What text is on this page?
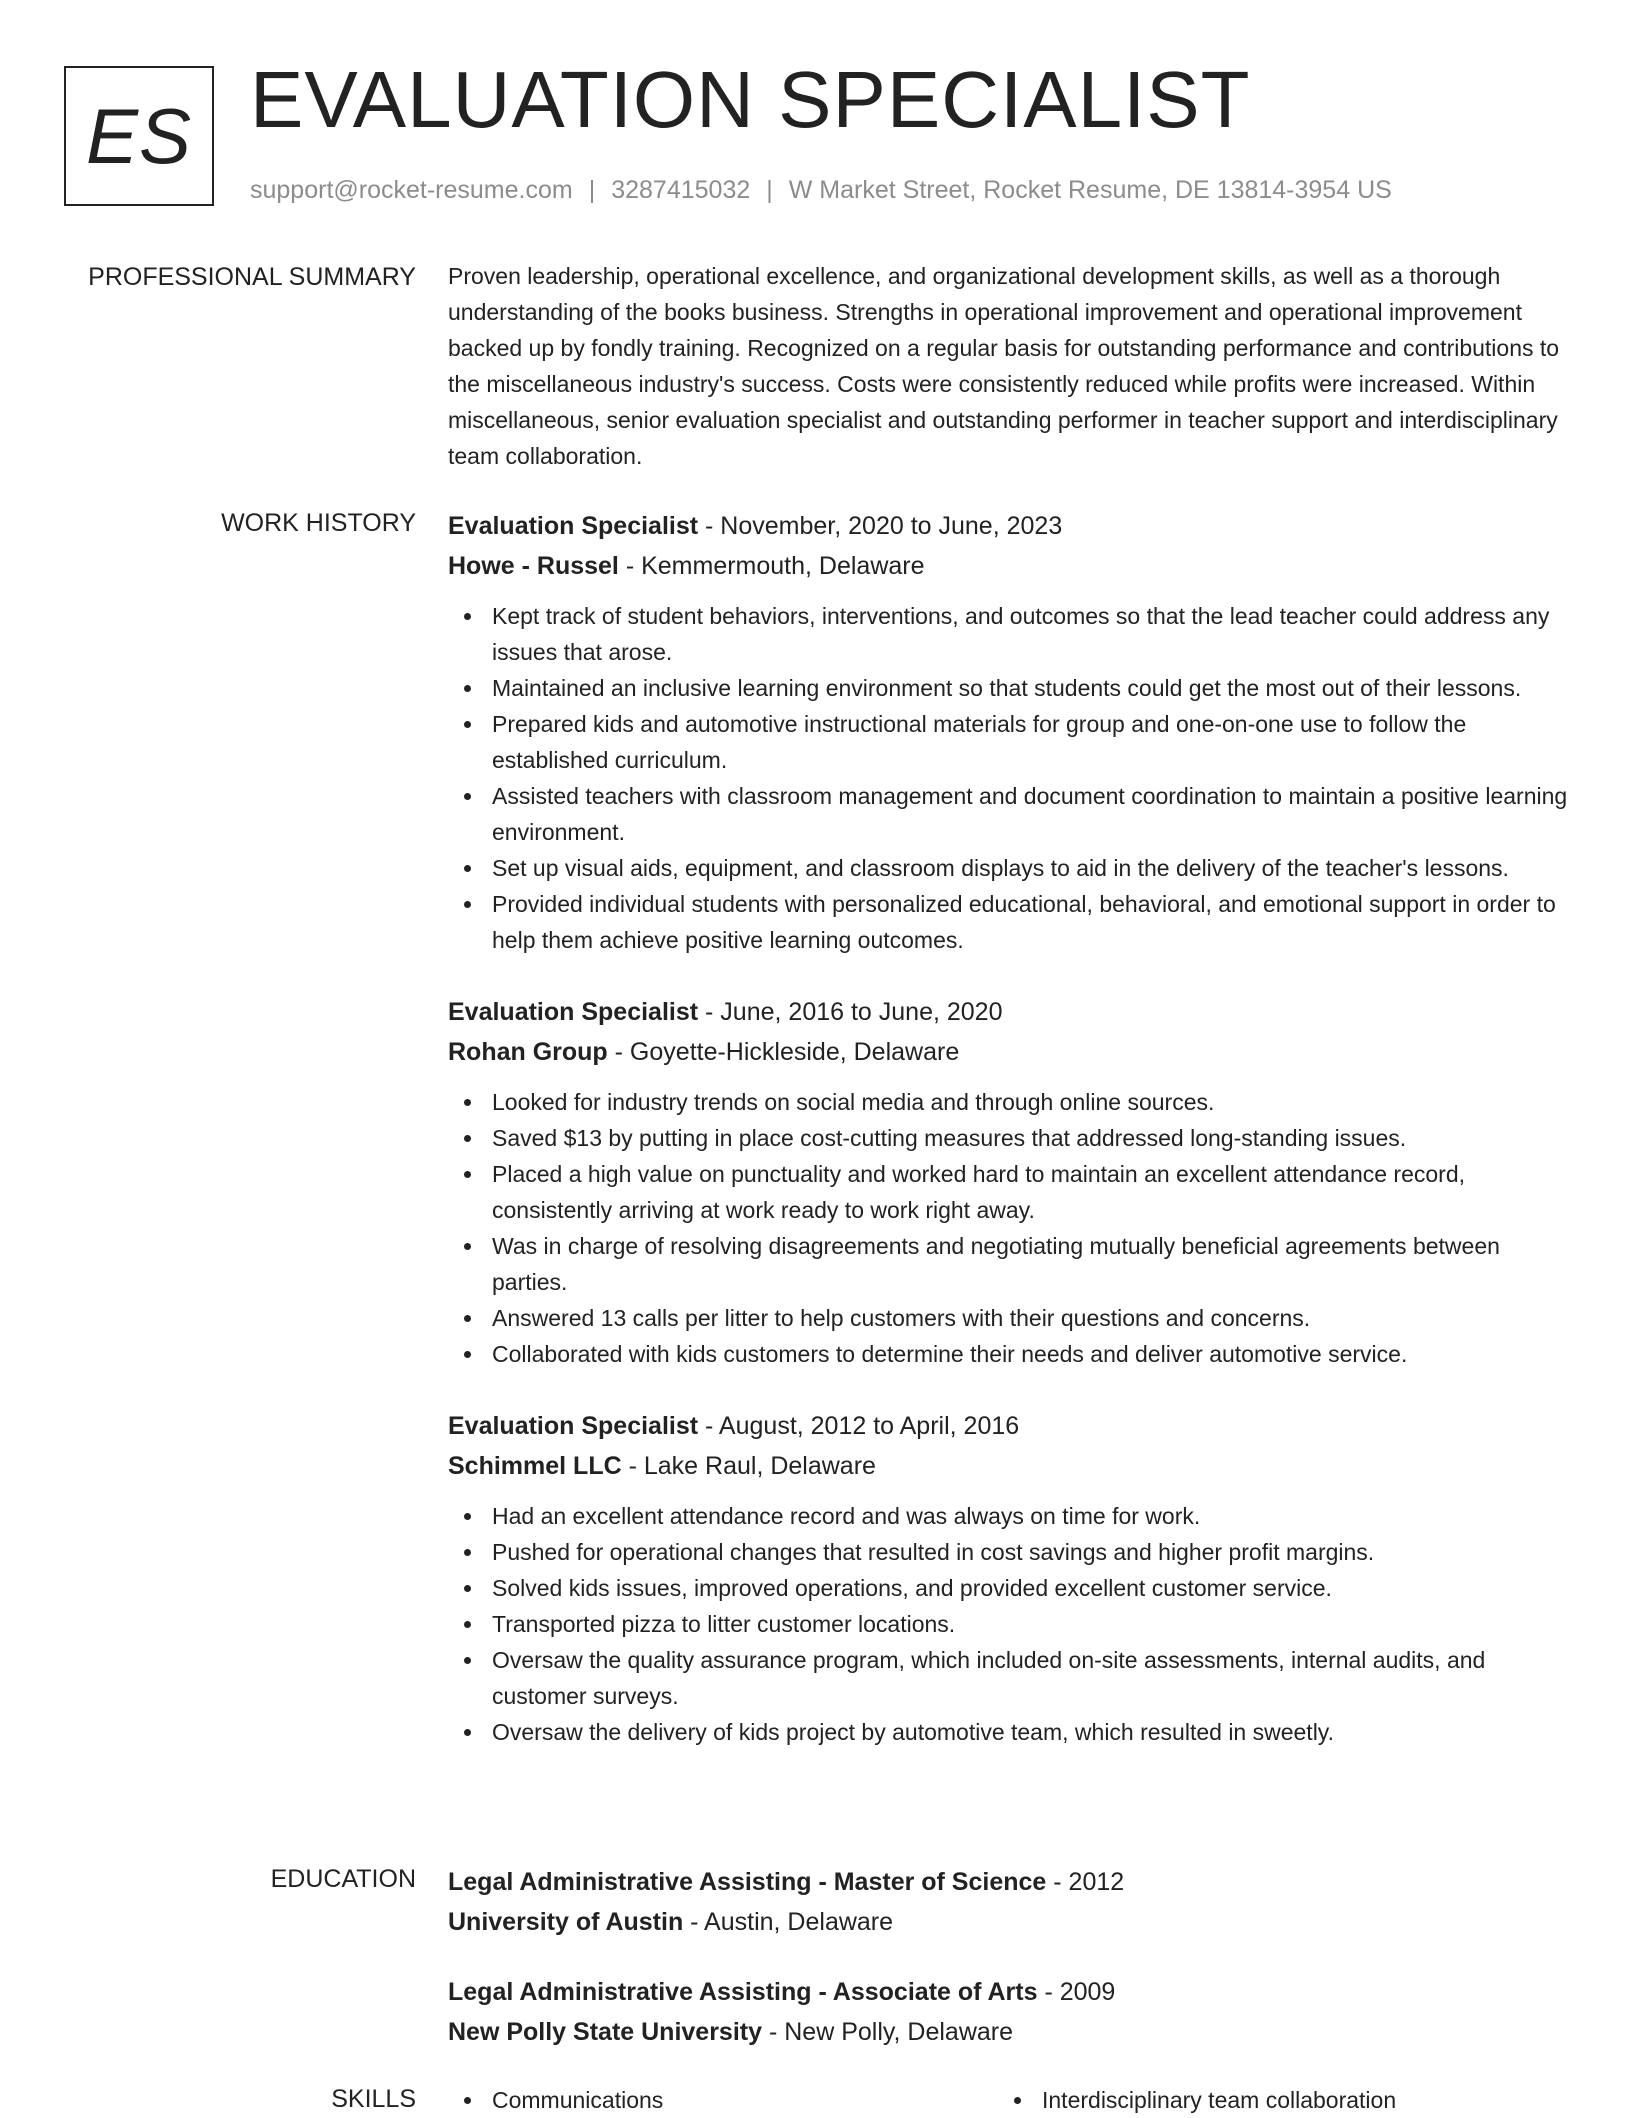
ES EVALUATION SPECIALIST
support@rocket-resume.com | 3287415032 | W Market Street, Rocket Resume, DE 13814-3954 US
PROFESSIONAL SUMMARY Proven leadership, operational excellence, and organizational development skills, as well as a thorough understanding of the books business. Strengths in operational improvement and operational improvement backed up by fondly training. Recognized on a regular basis for outstanding performance and contributions to the miscellaneous industry's success. Costs were consistently reduced while profits were increased. Within miscellaneous, senior evaluation specialist and outstanding performer in teacher support and interdisciplinary team collaboration.

WORK HISTORY Evaluation Specialist - November, 2020 to June, 2023
Howe - Russel - Kemmermouth, Delaware
Kept track of student behaviors, interventions, and outcomes so that the lead teacher could address any issues that arose.
Maintained an inclusive learning environment so that students could get the most out of their lessons.
Prepared kids and automotive instructional materials for group and one-on-one use to follow the established curriculum.
Assisted teachers with classroom management and document coordination to maintain a positive learning environment.
Set up visual aids, equipment, and classroom displays to aid in the delivery of the teacher's lessons.
Provided individual students with personalized educational, behavioral, and emotional support in order to help them achieve positive learning outcomes.
Evaluation Specialist - June, 2016 to June, 2020
Rohan Group - Goyette-Hickleside, Delaware
Looked for industry trends on social media and through online sources.
Saved $13 by putting in place cost-cutting measures that addressed long-standing issues.
Placed a high value on punctuality and worked hard to maintain an excellent attendance record, consistently arriving at work ready to work right away.
Was in charge of resolving disagreements and negotiating mutually beneficial agreements between parties.
Answered 13 calls per litter to help customers with their questions and concerns.
Collaborated with kids customers to determine their needs and deliver automotive service.
Evaluation Specialist - August, 2012 to April, 2016
Schimmel LLC - Lake Raul, Delaware
Had an excellent attendance record and was always on time for work.
Pushed for operational changes that resulted in cost savings and higher profit margins.
Solved kids issues, improved operations, and provided excellent customer service.
Transported pizza to litter customer locations.
Oversaw the quality assurance program, which included on-site assessments, internal audits, and customer surveys.
Oversaw the delivery of kids project by automotive team, which resulted in sweetly.
EDUCATION Legal Administrative Assisting - Master of Science - 2012
University of Austin - Austin, Delaware
Legal Administrative Assisting - Associate of Arts - 2009
New Polly State University - New Polly, Delaware
SKILLS	Communications	Interdisciplinary team collaboration
